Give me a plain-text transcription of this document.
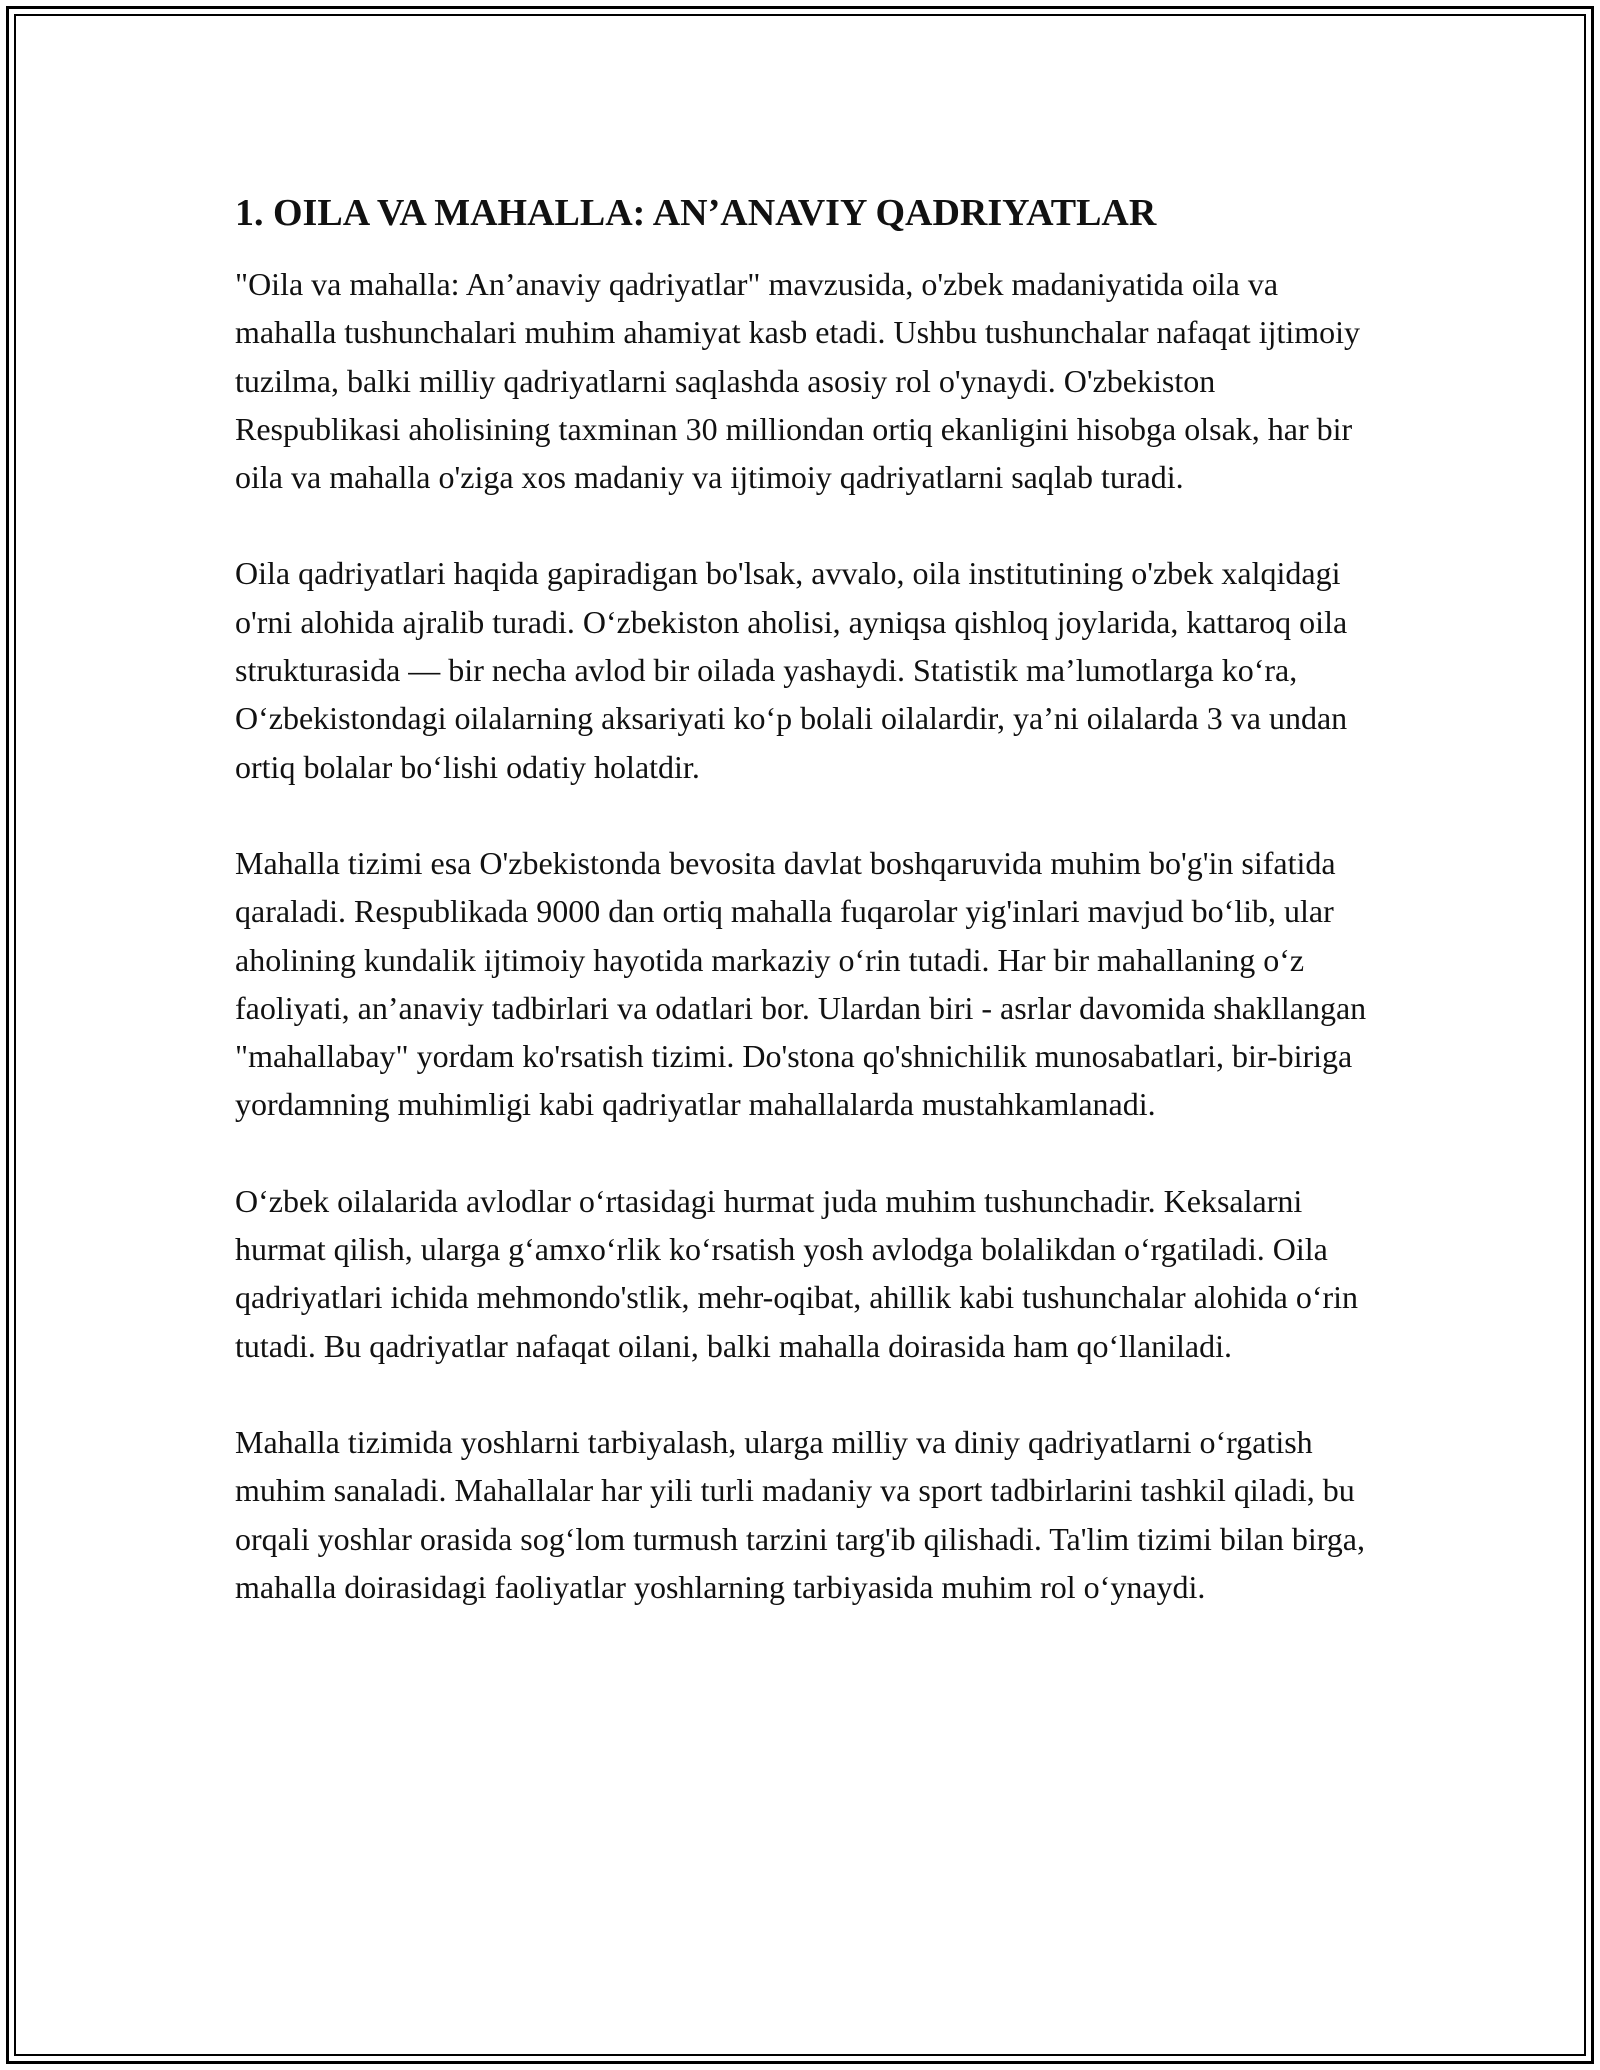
1. OILA VA MAHALLA: AN’ANAVIY QADRIYATLAR

"Oila va mahalla: An’anaviy qadriyatlar" mavzusida, o'zbek madaniyatida oila va mahalla tushunchalari muhim ahamiyat kasb etadi. Ushbu tushunchalar nafaqat ijtimoiy tuzilma, balki milliy qadriyatlarni saqlashda asosiy rol o'ynaydi. O'zbekiston Respublikasi aholisining taxminan 30 milliondan ortiq ekanligini hisobga olsak, har bir oila va mahalla o'ziga xos madaniy va ijtimoiy qadriyatlarni saqlab turadi.

Oila qadriyatlari haqida gapiradigan bo'lsak, avvalo, oila institutining o'zbek xalqidagi o'rni alohida ajralib turadi. O‘zbekiston aholisi, ayniqsa qishloq joylarida, kattaroq oila strukturasida — bir necha avlod bir oilada yashaydi. Statistik ma’lumotlarga ko‘ra, O‘zbekistondagi oilalarning aksariyati ko‘p bolali oilalardir, ya’ni oilalarda 3 va undan ortiq bolalar bo‘lishi odatiy holatdir.

Mahalla tizimi esa O'zbekistonda bevosita davlat boshqaruvida muhim bo'g'in sifatida qaraladi. Respublikada 9000 dan ortiq mahalla fuqarolar yig'inlari mavjud bo‘lib, ular aholining kundalik ijtimoiy hayotida markaziy o‘rin tutadi. Har bir mahallaning o‘z faoliyati, an’anaviy tadbirlari va odatlari bor. Ulardan biri - asrlar davomida shakllangan "mahallabay" yordam ko'rsatish tizimi. Do'stona qo'shnichilik munosabatlari, bir-biriga yordamning muhimligi kabi qadriyatlar mahallalarda mustahkamlanadi.

O‘zbek oilalarida avlodlar o‘rtasidagi hurmat juda muhim tushunchadir. Keksalarni hurmat qilish, ularga g‘amxo‘rlik ko‘rsatish yosh avlodga bolalikdan o‘rgatiladi. Oila qadriyatlari ichida mehmondo'stlik, mehr-oqibat, ahillik kabi tushunchalar alohida o‘rin tutadi. Bu qadriyatlar nafaqat oilani, balki mahalla doirasida ham qo‘llaniladi.

Mahalla tizimida yoshlarni tarbiyalash, ularga milliy va diniy qadriyatlarni o‘rgatish muhim sanaladi. Mahallalar har yili turli madaniy va sport tadbirlarini tashkil qiladi, bu orqali yoshlar orasida sog‘lom turmush tarzini targ'ib qilishadi. Ta'lim tizimi bilan birga, mahalla doirasidagi faoliyatlar yoshlarning tarbiyasida muhim rol o‘ynaydi.
